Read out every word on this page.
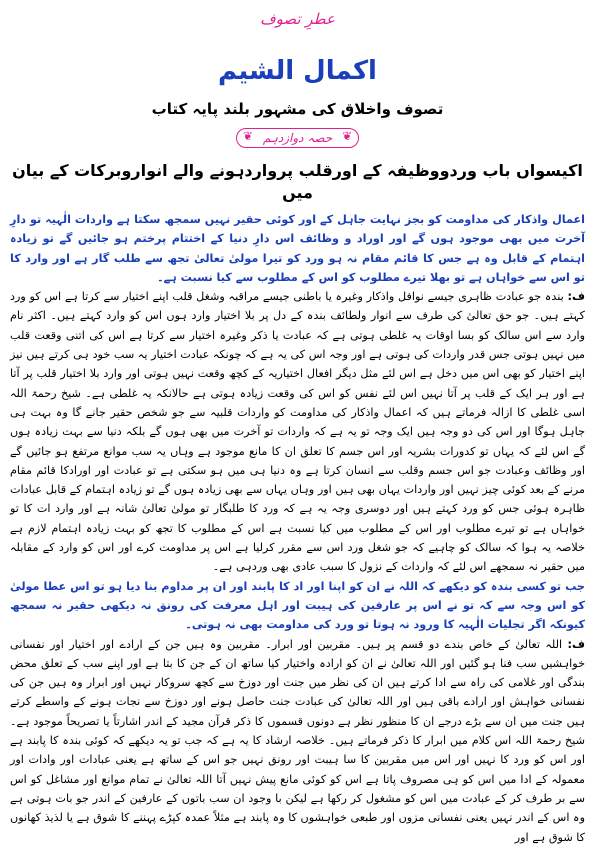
عطرِ تصوف
اکمال الشیم
تصوف واخلاق کی مشہور بلند پایہ کتاب
❦ حصہ دوازدہم ❦
اکیسواں باب وردووظیفہ کے اورقلب پرواردہونے والے انواروبرکات کے بیان میں

اعمال واذکار کی مداومت کو بجز نہایت جاہل کے اور کوئی حقیر نہیں سمجھ سکتا ہے واردات الٰہیہ تو دارِ آخرت میں بھی موجود ہوں گے اور اوراد و وظائف اس دارِ دنیا کے اختتام پرختم ہو جائیں گے تو زیادہ اہتمام کے قابل وہ ہے جس کا قائم مقام نہ ہو ورد کو تیرا مولیٰ تعالیٰ تجھ سے طلب گار ہے اور وارد کا تو اس سے خواہاں ہے تو بھلا تیرے مطلوب کو اس کے مطلوب سے کیا نسبت ہے۔

ف: بندہ جو عبادت ظاہری جیسے نوافل واذکار وغیرہ یا باطنی جیسے مراقبہ وشغل قلب اپنے اختیار سے کرتا ہے اس کو ورد کہتے ہیں۔ جو حق تعالیٰ کی طرف سے انوار ولطائف بندہ کے دل پر بلا اختیار وارد ہوں اس کو وارد کہتے ہیں۔ اکثر نام وارد سے اس سالک کو بسا اوقات یہ غلطی ہوتی ہے کہ عبادت یا ذکر وغیرہ اختیار سے کرتا ہے اس کی اتنی وقعت قلب میں نہیں ہوتی جس قدر واردات کی ہوتی ہے اور وجہ اس کی یہ ہے کہ چونکہ عبادت اختیار یہ سب خود ہی کرتے ہیں نیز اپنے اختیار کو بھی اس میں دخل ہے اس لئے مثل دیگر افعال اختیاریہ کے کچھ وقعت نہیں ہوتی اور وارد بلا اختیار قلب پر آتا ہے اور ہر ایک کے قلب پر آتا نہیں اس لئے نفس کو اس کی وقعت زیادہ ہوتی ہے حالانکہ یہ غلطی ہے۔ شیخ رحمۃ اللہ اسی غلطی کا ازالہ فرماتے ہیں کہ اعمال واذکار کی مداومت کو واردات قلبیہ سے جو شخص حقیر جانے گا وہ بہت ہی جاہل ہوگا اور اس کی دو وجہ ہیں ایک وجہ تو یہ ہے کہ واردات تو آخرت میں بھی ہوں گے بلکہ دنیا سے بہت زیادہ ہوں گے اس لئے کہ یہاں تو کدورات بشریہ اور اس جسم کا تعلق ان کا مانع موجود ہے وہاں یہ سب موانع مرتفع ہو جائیں گے اور وظائف وعبادت جو اس جسم وقلب سے انسان کرتا ہے وہ دنیا ہی میں ہو سکتی ہے تو عبادت اور اورادکا قائم مقام مرنے کے بعد کوئی چیز نہیں اور واردات یہاں بھی ہیں اور وہاں یہاں سے بھی زیادہ ہوں گے تو زیادہ اہتمام کے قابل عبادات ظاہرہ ہوئی جس کو ورد کہتے ہیں اور دوسری وجہ یہ ہے کہ ورد کا طلبگار تو مولیٰ تعالیٰ شانہ ہے اور وارد ات کا تو خواہاں ہے تو تیرے مطلوب اور اس کے مطلوب میں کیا نسبت ہے اس کے مطلوب کا تجھ کو بہت زیادہ اہتمام لازم ہے خلاصہ یہ ہوا کہ سالک کو چاہیے کہ جو شغل ورد اس سے مقرر کرلیا ہے اس پر مداومت کرے اور اس کو وارد کے مقابلہ میں حقیر نہ سمجھے اس لئے کہ واردات کے نزول کا سبب عادی بھی وردہی ہے۔

جب تو کسی بندہ کو دیکھے کہ اللہ نے ان کو اپنا اور اد کا پابند اور ان پر مداوم بنا دیا ہو تو اس عطا مولیٰ کو اس وجہ سے کہ تو نے اس پر عارفین کی ہیبت اور اہل معرفت کی رونق نہ دیکھی حقیر نہ سمجھ کیونکہ اگر تجلیات الٰہیہ کا ورود نہ ہوتا تو ورد کی مداومت بھی نہ ہوتی۔

ف: اللہ تعالیٰ کے خاص بندے دو قسم پر ہیں۔ مقربین اور ابرار۔ مقربین وہ ہیں جن کے ارادے اور اختیار اور نفسانی خواہشیں سب فنا ہو گئیں اور اللہ تعالیٰ نے ان کو ارادہ واختیار کیا ساتھ ان کے جن کا بتا ہے اور اپنے سب کے تعلق محض بندگی اور غلامی کی راہ سے ادا کرتے ہیں ان کی نظر میں جنت اور دوزخ سے کچھ سروکار نہیں اور ابرار وہ ہیں جن کی نفسانی خواہش اور ارادے باقی ہیں اور اللہ تعالیٰ کی عبادت جنت حاصل ہونے اور دوزخ سے نجات ہونے کے واسطے کرتے ہیں جنت میں ان سے بڑے درجے ان کا منظور نظر ہے دونوں قسموں کا ذکر قرآن مجید کے اندر اشارتاً یا تصریحاً موجود ہے۔ شیخ رحمۃ اللہ اس کلام میں ابرار کا ذکر فرماتے ہیں۔ خلاصہ ارشاد کا یہ ہے کہ جب تو یہ دیکھے کہ کوئی بندہ کا پابند ہے اور اس کو ورد کا نہیں اور اس میں مقربین کا سا ہیبت اور رونق نہیں جو اس کے ساتھ ہے یعنی عبادات اور وادات اور معمولہ کے ادا میں اس کو ہی مصروف پاتا ہے اس کو کوئی مانع پیش نہیں آتا اللہ تعالیٰ نے تمام موانع اور مشاغل کو اس سے بر طرف کر کے عبادت میں اس کو مشغول کر رکھا ہے لیکن با وجود ان سب باتوں کے عارفین کے اندر جو بات ہوتی ہے وہ اس کے اندر نہیں یعنی نفسانی مزوں اور طبعی خواہشوں کا وہ پابند ہے مثلاً عمدہ کپڑے پہننے کا شوق ہے یا لذیذ کھانوں کا شوق ہے اور
